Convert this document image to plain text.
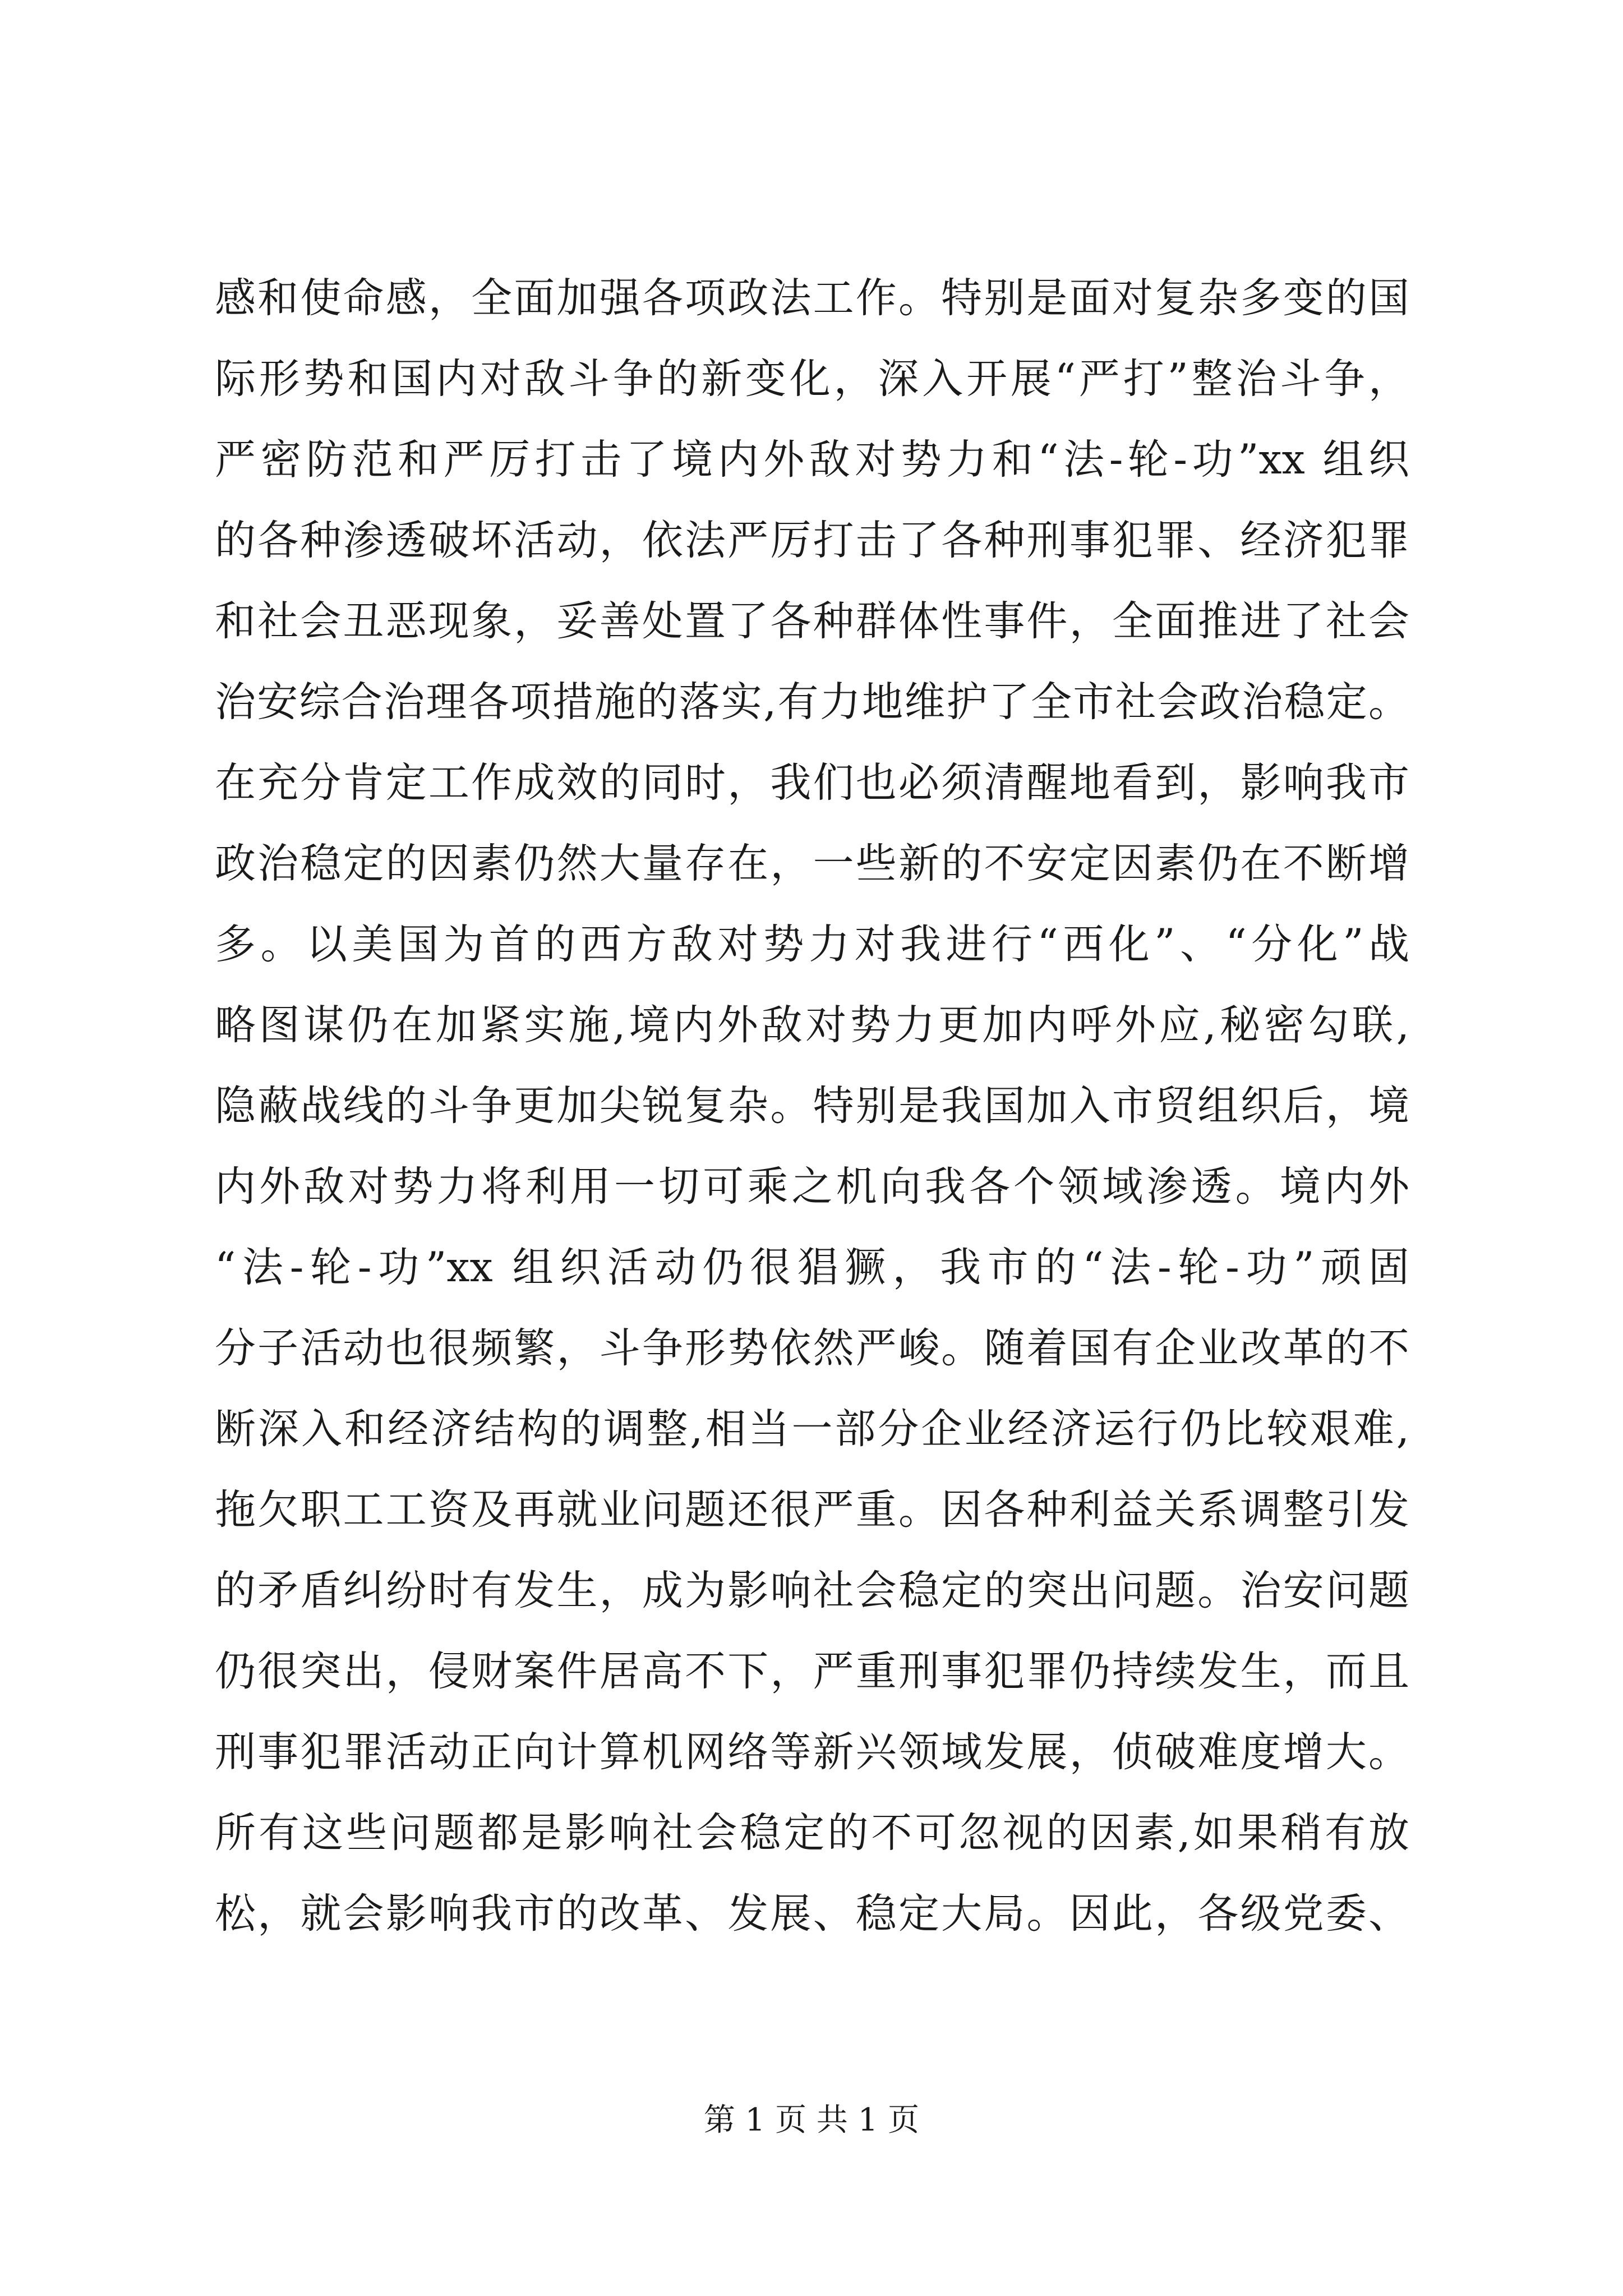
感和使命感，全面加强各项政法工作。特别是面对复杂多变的国
际形势和国内对敌斗争的新变化，深入开展“严打”整治斗争，
严密防范和严厉打击了境内外敌对势力和“法-轮-功”xx 组织
的各种渗透破坏活动，依法严厉打击了各种刑事犯罪、经济犯罪
和社会丑恶现象，妥善处置了各种群体性事件，全面推进了社会
治安综合治理各项措施的落实,有力地维护了全市社会政治稳定。
在充分肯定工作成效的同时，我们也必须清醒地看到，影响我市
政治稳定的因素仍然大量存在，一些新的不安定因素仍在不断增
多。以美国为首的西方敌对势力对我进行“西化”、“分化”战
略图谋仍在加紧实施,境内外敌对势力更加内呼外应,秘密勾联,
隐蔽战线的斗争更加尖锐复杂。特别是我国加入市贸组织后，境
内外敌对势力将利用一切可乘之机向我各个领域渗透。境内外
“法-轮-功”xx 组织活动仍很猖獗，我市的“法-轮-功”顽固
分子活动也很频繁，斗争形势依然严峻。随着国有企业改革的不
断深入和经济结构的调整,相当一部分企业经济运行仍比较艰难,
拖欠职工工资及再就业问题还很严重。因各种利益关系调整引发
的矛盾纠纷时有发生，成为影响社会稳定的突出问题。治安问题
仍很突出，侵财案件居高不下，严重刑事犯罪仍持续发生，而且
刑事犯罪活动正向计算机网络等新兴领域发展，侦破难度增大。
所有这些问题都是影响社会稳定的不可忽视的因素,如果稍有放
松，就会影响我市的改革、发展、稳定大局。因此，各级党委、
第 1 页 共 1 页
